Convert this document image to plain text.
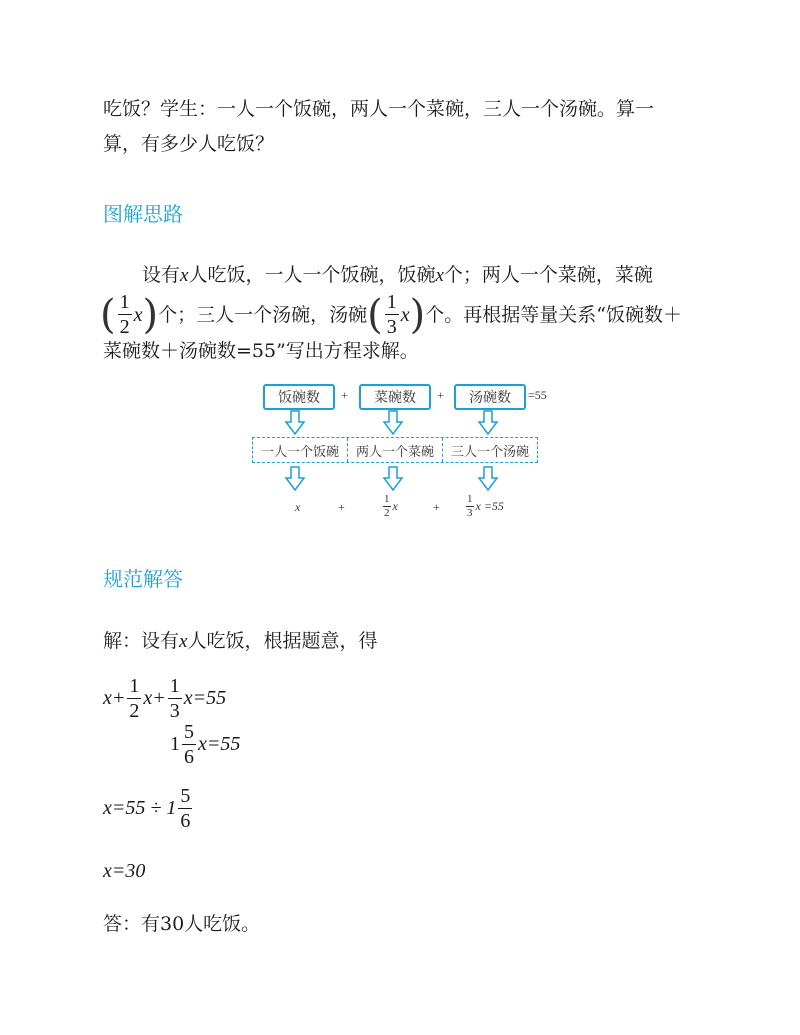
吃饭？学生：一人一个饭碗，两人一个菜碗，三人一个汤碗。算一
算，有多少人吃饭？
图解思路
设有x人吃饭，一人一个饭碗，饭碗x个；两人一个菜碗，菜碗
( $\frac{1}{2}$ x ) 个；三人一个汤碗，汤碗 ( $\frac{1}{3}$ x ) 个。再根据等量关系“饭碗数＋
菜碗数＋汤碗数=55”写出方程求解。
饭碗数	+	菜碗数	+	汤碗数	=55
一人一个饭碗	两人一个菜碗	三人一个汤碗
x	+	$\frac{1}{2}$ x	+ $\frac{1}{3}$ x =55
规范解答
解：设有x人吃饭，根据题意，得
$x+ \frac{1}{2} x+ \frac{1}{3} x=55$
$1 \frac{5}{6} x=55$
$x=55 \div 1 \frac{5}{6}$
x=30
答：有30人吃饭。
